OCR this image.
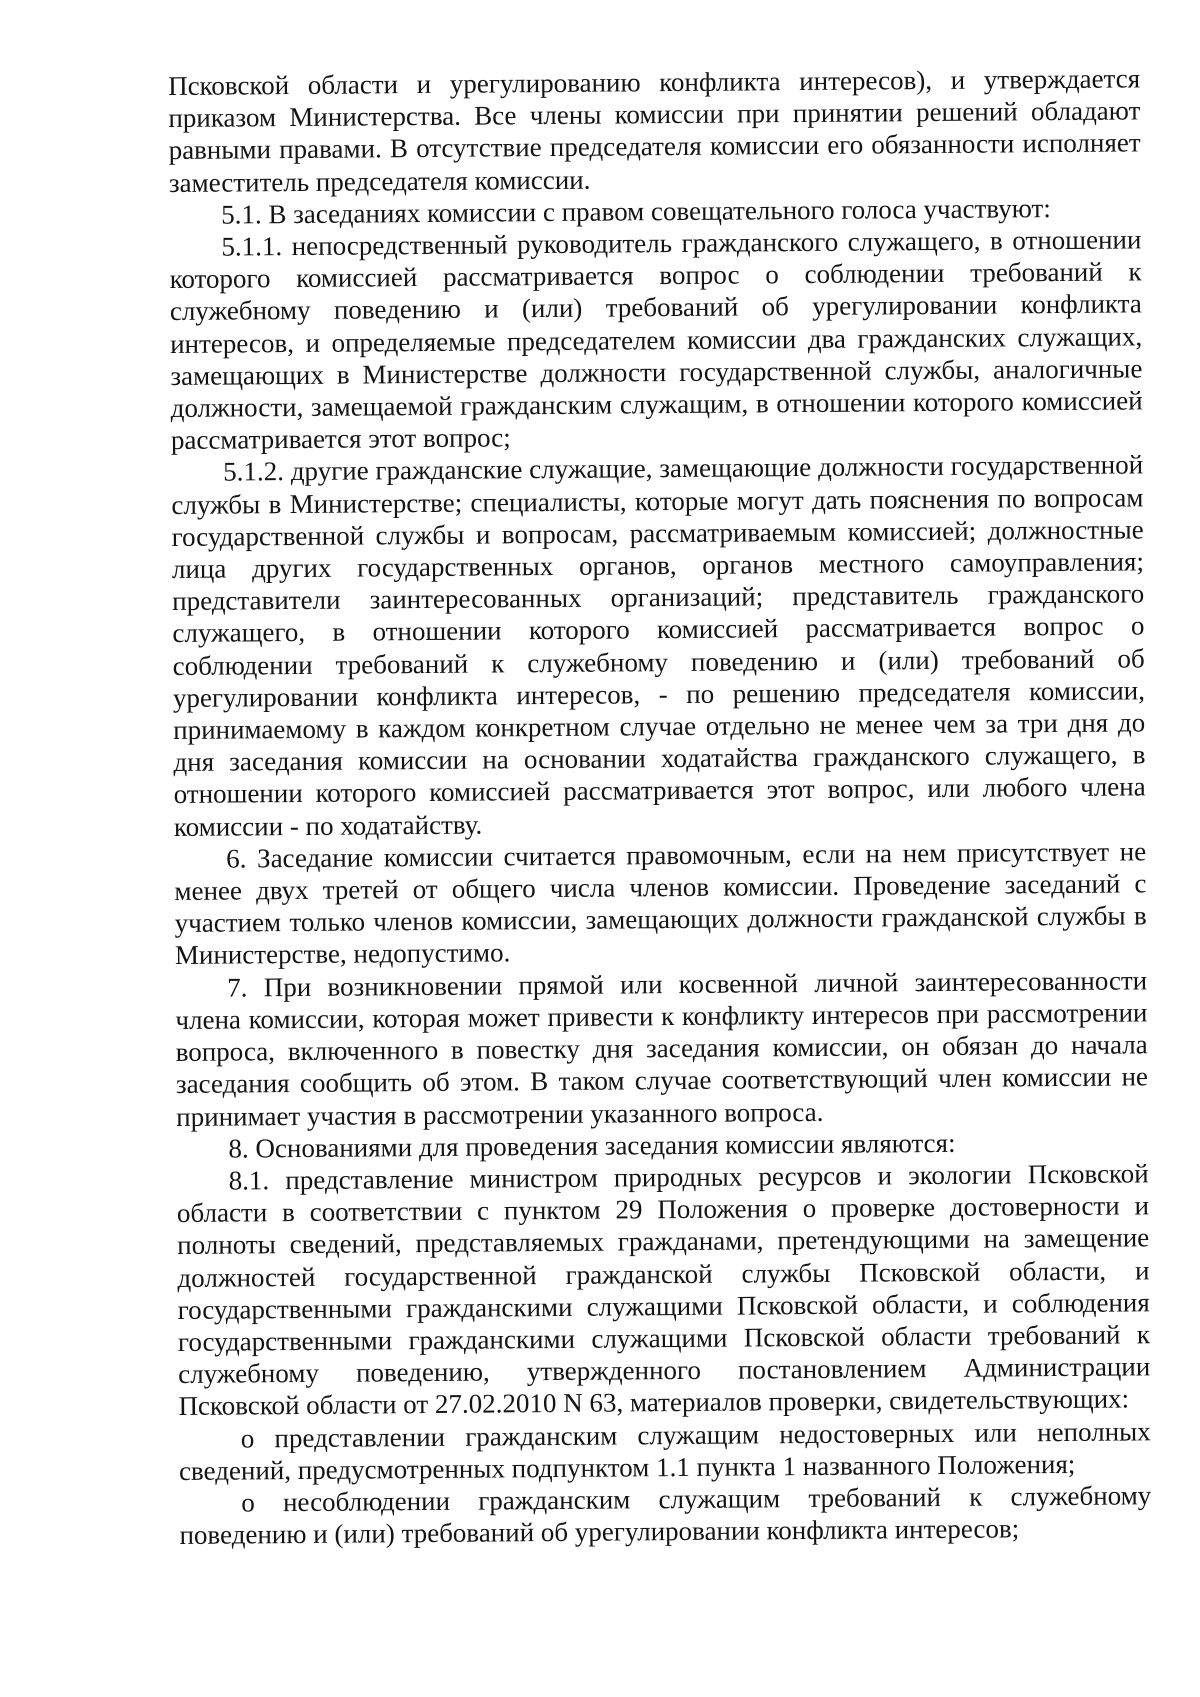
Псковской области и урегулированию конфликта интересов), и утверждается приказом Министерства. Все члены комиссии при принятии решений обладают равными правами. В отсутствие председателя комиссии его обязанности исполняет заместитель председателя комиссии.

5.1. В заседаниях комиссии с правом совещательного голоса участвуют:

5.1.1. непосредственный руководитель гражданского служащего, в отношении которого комиссией рассматривается вопрос о соблюдении требований к служебному поведению и (или) требований об урегулировании конфликта интересов, и определяемые председателем комиссии два гражданских служащих, замещающих в Министерстве должности государственной службы, аналогичные должности, замещаемой гражданским служащим, в отношении которого комиссией рассматривается этот вопрос;

5.1.2. другие гражданские служащие, замещающие должности государственной службы в Министерстве; специалисты, которые могут дать пояснения по вопросам государственной службы и вопросам, рассматриваемым комиссией; должностные лица других государственных органов, органов местного самоуправления; представители заинтересованных организаций; представитель гражданского служащего, в отношении которого комиссией рассматривается вопрос о соблюдении требований к служебному поведению и (или) требований об урегулировании конфликта интересов, - по решению председателя комиссии, принимаемому в каждом конкретном случае отдельно не менее чем за три дня до дня заседания комиссии на основании ходатайства гражданского служащего, в отношении которого комиссией рассматривается этот вопрос, или любого члена комиссии - по ходатайству.

6. Заседание комиссии считается правомочным, если на нем присутствует не менее двух третей от общего числа членов комиссии. Проведение заседаний с участием только членов комиссии, замещающих должности гражданской службы в Министерстве, недопустимо.

7. При возникновении прямой или косвенной личной заинтересованности члена комиссии, которая может привести к конфликту интересов при рассмотрении вопроса, включенного в повестку дня заседания комиссии, он обязан до начала заседания сообщить об этом. В таком случае соответствующий член комиссии не принимает участия в рассмотрении указанного вопроса.

8. Основаниями для проведения заседания комиссии являются:

8.1. представление министром природных ресурсов и экологии Псковской области в соответствии с пунктом 29 Положения о проверке достоверности и полноты сведений, представляемых гражданами, претендующими на замещение должностей государственной гражданской службы Псковской области, и государственными гражданскими служащими Псковской области, и соблюдения государственными гражданскими служащими Псковской области требований к служебному поведению, утвержденного постановлением Администрации Псковской области от 27.02.2010 N 63, материалов проверки, свидетельствующих:

о представлении гражданским служащим недостоверных или неполных сведений, предусмотренных подпунктом 1.1 пункта 1 названного Положения;

о несоблюдении гражданским служащим требований к служебному поведению и (или) требований об урегулировании конфликта интересов;
